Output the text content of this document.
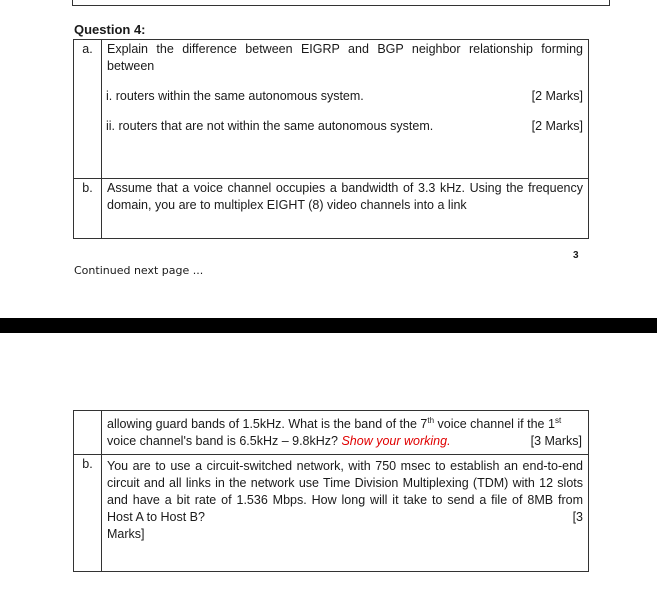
Question 4:
a.	Explain the difference between EIGRP and BGP neighbor relationship forming between
i. routers within the same autonomous system. [2 Marks]
ii. routers that are not within the same autonomous system. [2 Marks]

b.	Assume that a voice channel occupies a bandwidth of 3.3 kHz. Using the frequency domain, you are to multiplex EIGHT (8) video channels into a link
3
Continued next page ...

	allowing guard bands of 1.5kHz. What is the band of the 7th voice channel if the 1st
voice channel's band is 6.5kHz – 9.8kHz? Show your working. [3 Marks]

b.	You are to use a circuit-switched network, with 750 msec to establish an end-to-end circuit and all links in the network use Time Division Multiplexing (TDM) with 12 slots and have a bit rate of 1.536 Mbps. How long will it take to send a file of 8MB from Host A to Host B? [3
Marks]
